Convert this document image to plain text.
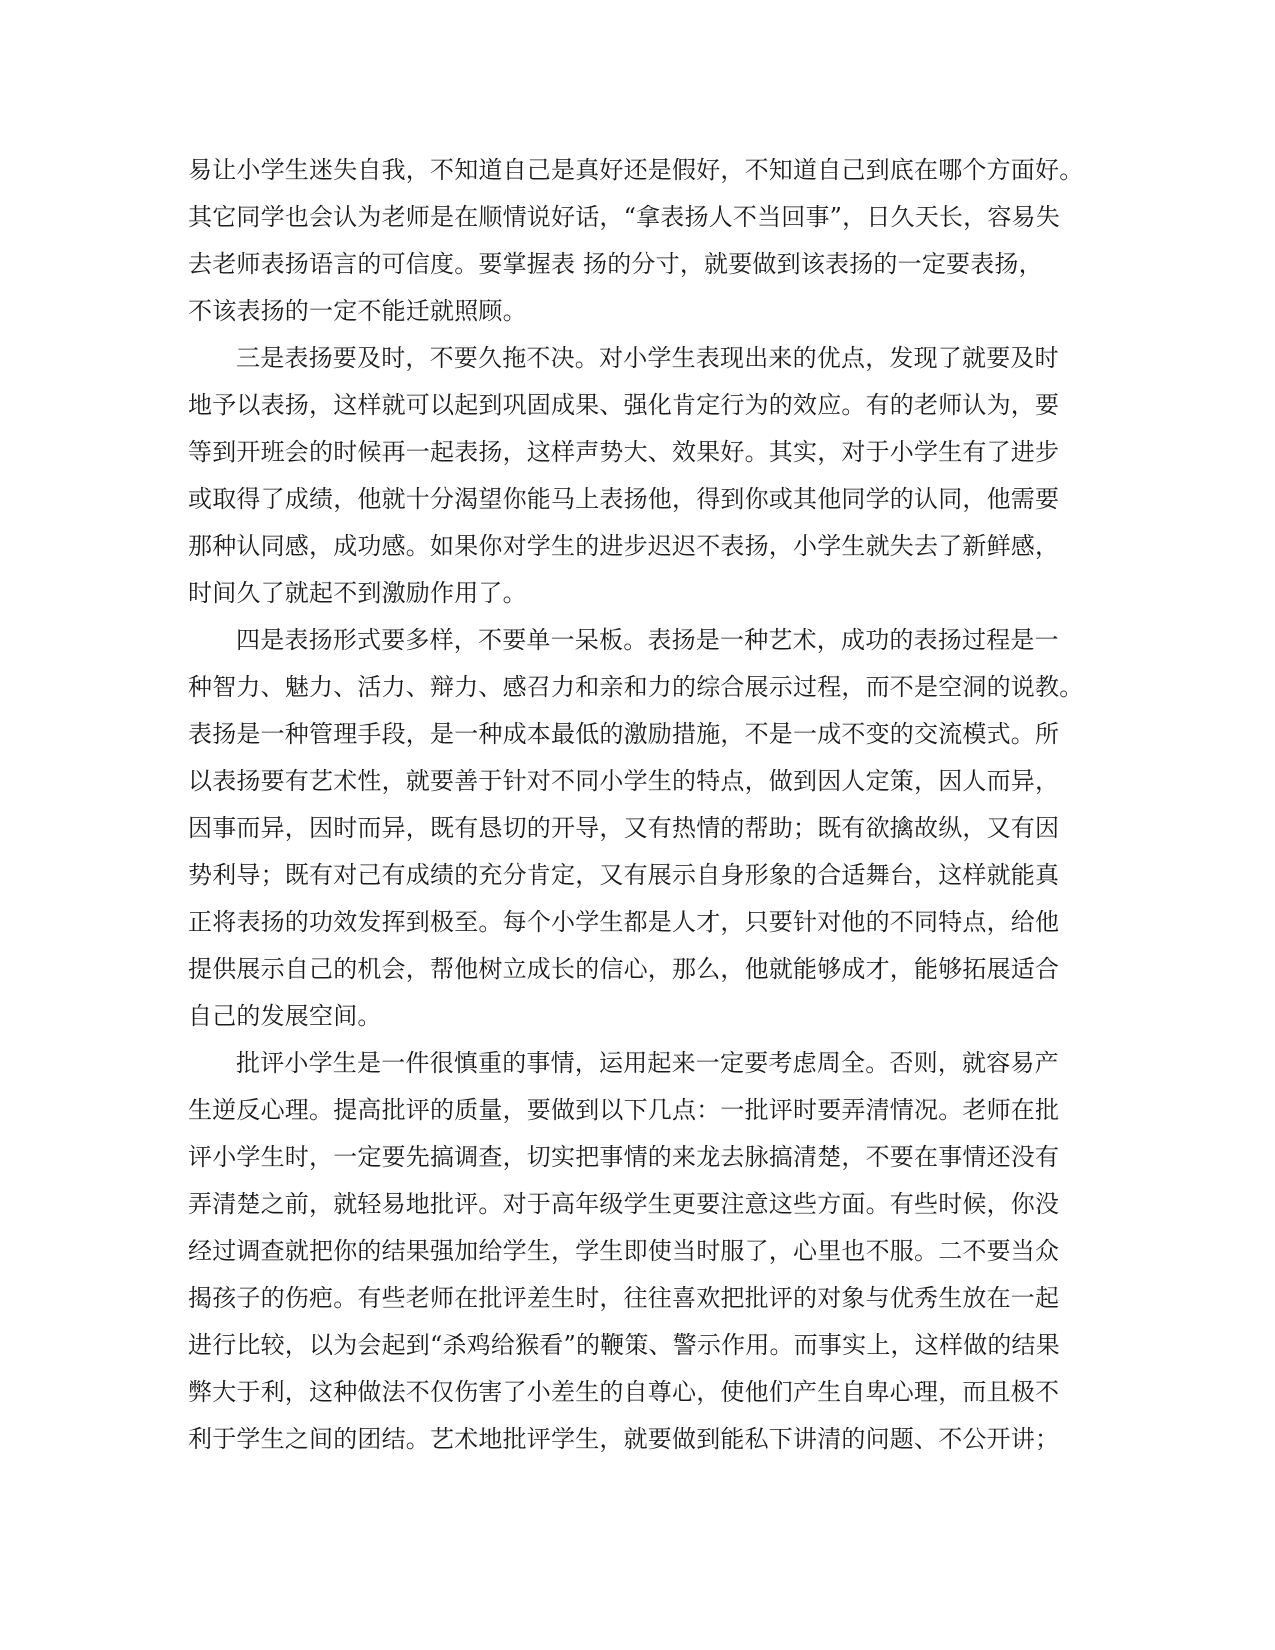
易让小学生迷失自我，不知道自己是真好还是假好，不知道自己到底在哪个方面好。
其它同学也会认为老师是在顺情说好话，“拿表扬人不当回事”，日久天长，容易失
去老师表扬语言的可信度。要掌握表 扬的分寸，就要做到该表扬的一定要表扬，
不该表扬的一定不能迁就照顾。
三是表扬要及时，不要久拖不决。对小学生表现出来的优点，发现了就要及时
地予以表扬，这样就可以起到巩固成果、强化肯定行为的效应。有的老师认为，要
等到开班会的时候再一起表扬，这样声势大、效果好。其实，对于小学生有了进步
或取得了成绩，他就十分渴望你能马上表扬他，得到你或其他同学的认同，他需要
那种认同感，成功感。如果你对学生的进步迟迟不表扬，小学生就失去了新鲜感，
时间久了就起不到激励作用了。
四是表扬形式要多样，不要单一呆板。表扬是一种艺术，成功的表扬过程是一
种智力、魅力、活力、辩力、感召力和亲和力的综合展示过程，而不是空洞的说教。
表扬是一种管理手段，是一种成本最低的激励措施，不是一成不变的交流模式。所
以表扬要有艺术性，就要善于针对不同小学生的特点，做到因人定策，因人而异，
因事而异，因时而异，既有恳切的开导，又有热情的帮助；既有欲擒故纵，又有因
势利导；既有对己有成绩的充分肯定，又有展示自身形象的合适舞台，这样就能真
正将表扬的功效发挥到极至。每个小学生都是人才，只要针对他的不同特点，给他
提供展示自己的机会，帮他树立成长的信心，那么，他就能够成才，能够拓展适合
自己的发展空间。
批评小学生是一件很慎重的事情，运用起来一定要考虑周全。否则，就容易产
生逆反心理。提高批评的质量，要做到以下几点：一批评时要弄清情况。老师在批
评小学生时，一定要先搞调查，切实把事情的来龙去脉搞清楚，不要在事情还没有
弄清楚之前，就轻易地批评。对于高年级学生更要注意这些方面。有些时候，你没
经过调查就把你的结果强加给学生，学生即使当时服了，心里也不服。二不要当众
揭孩子的伤疤。有些老师在批评差生时，往往喜欢把批评的对象与优秀生放在一起
进行比较，以为会起到“杀鸡给猴看”的鞭策、警示作用。而事实上，这样做的结果
弊大于利，这种做法不仅伤害了小差生的自尊心，使他们产生自卑心理，而且极不
利于学生之间的团结。艺术地批评学生，就要做到能私下讲清的问题、不公开讲；
